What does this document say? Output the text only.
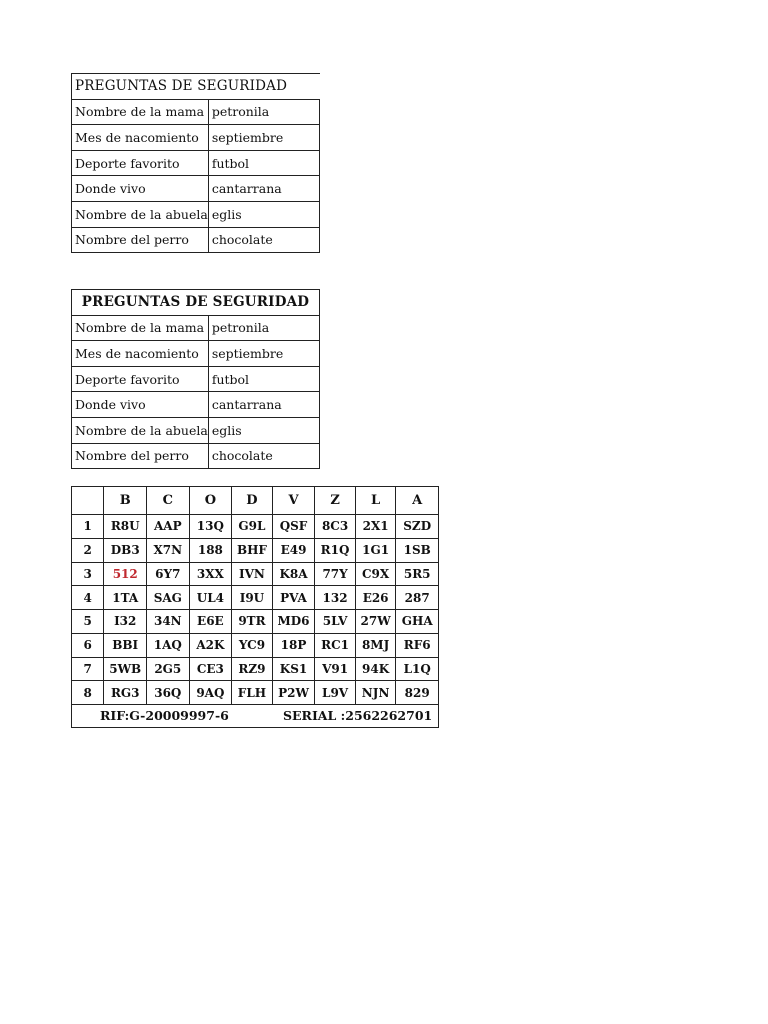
PREGUNTAS DE SEGURIDAD	
Nombre de la mama	petronila
Mes de nacomiento	septiembre
Deporte favorito	futbol
Donde vivo	cantarrana
Nombre de la abuela	eglis
Nombre del perro	chocolate
PREGUNTAS DE SEGURIDAD	
Nombre de la mama	petronila
Mes de nacomiento	septiembre
Deporte favorito	futbol
Donde vivo	cantarrana
Nombre de la abuela	eglis
Nombre del perro	chocolate
	B	C	O	D	V	Z	L	A
1	R8U	AAP	13Q	G9L	QSF	8C3	2X1	SZD
2	DB3	X7N	188	BHF	E49	R1Q	1G1	1SB
3	512	6Y7	3XX	IVN	K8A	77Y	C9X	5R5
4	1TA	SAG	UL4	I9U	PVA	132	E26	287
5	I32	34N	E6E	9TR	MD6	5LV	27W	GHA
6	BBI	1AQ	A2K	YC9	18P	RC1	8MJ	RF6
7	5WB	2G5	CE3	RZ9	KS1	V91	94K	L1Q
8	RG3	36Q	9AQ	FLH	P2W	L9V	NJN	829

RIF:G-20009997-6 SERIAL :2562262701								
